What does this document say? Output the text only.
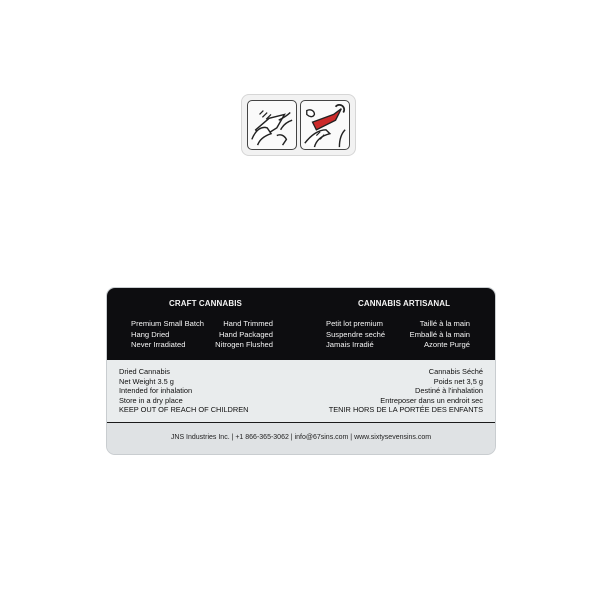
CRAFT CANNABIS	CANNABIS ARTISANAL
Premium Small Batch
Hang Dried
Never Irradiated
Hand Trimmed
Hand Packaged
Nitrogen Flushed
Petit lot premium
Suspendre seché
Jamais Irradié
Taillé à la main
Emballé à la main
Azonte Purgé
Dried Cannabis
Net Weight 3.5 g
Intended for inhalation
Store in a dry place
KEEP OUT OF REACH OF CHILDREN
Cannabis Séché
Poids net 3,5 g
Destiné à l'inhalation
Entreposer dans un endroit sec
TENIR HORS DE LA PORTÉE DES ENFANTS
JNS Industries Inc. | +1 866-365-3062 | info@67sins.com | www.sixtysevensins.com
